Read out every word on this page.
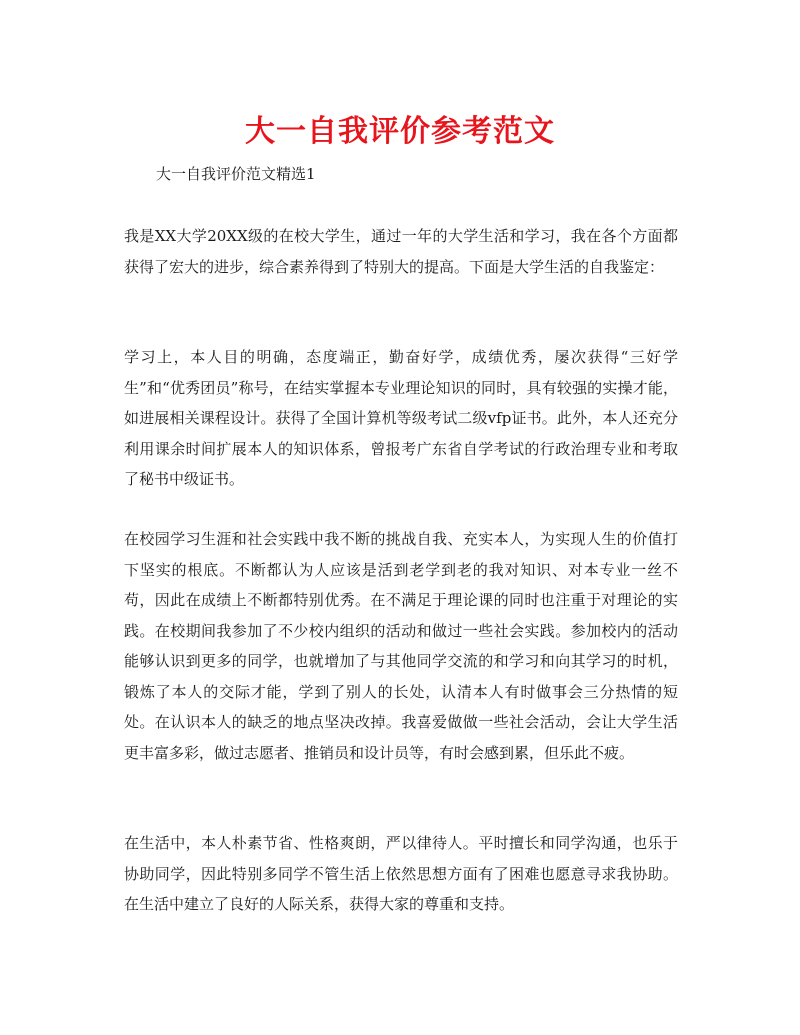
大一自我评价参考范文

大一自我评价范文精选1

我是XX大学20XX级的在校大学生，通过一年的大学生活和学习，我在各个方面都获得了宏大的进步，综合素养得到了特别大的提高。下面是大学生活的自我鉴定：

学习上，本人目的明确，态度端正，勤奋好学，成绩优秀，屡次获得“三好学生”和“优秀团员”称号，在结实掌握本专业理论知识的同时，具有较强的实操才能，如进展相关课程设计。获得了全国计算机等级考试二级vfp证书。此外，本人还充分利用课余时间扩展本人的知识体系，曾报考广东省自学考试的行政治理专业和考取了秘书中级证书。

在校园学习生涯和社会实践中我不断的挑战自我、充实本人，为实现人生的价值打下坚实的根底。不断都认为人应该是活到老学到老的我对知识、对本专业一丝不苟，因此在成绩上不断都特别优秀。在不满足于理论课的同时也注重于对理论的实践。在校期间我参加了不少校内组织的活动和做过一些社会实践。参加校内的活动能够认识到更多的同学，也就增加了与其他同学交流的和学习和向其学习的时机，锻炼了本人的交际才能，学到了别人的长处，认清本人有时做事会三分热情的短处。在认识本人的缺乏的地点坚决改掉。我喜爱做做一些社会活动，会让大学生活更丰富多彩，做过志愿者、推销员和设计员等，有时会感到累，但乐此不疲。

在生活中，本人朴素节省、性格爽朗，严以律待人。平时擅长和同学沟通，也乐于协助同学，因此特别多同学不管生活上依然思想方面有了困难也愿意寻求我协助。在生活中建立了良好的人际关系，获得大家的尊重和支持。
